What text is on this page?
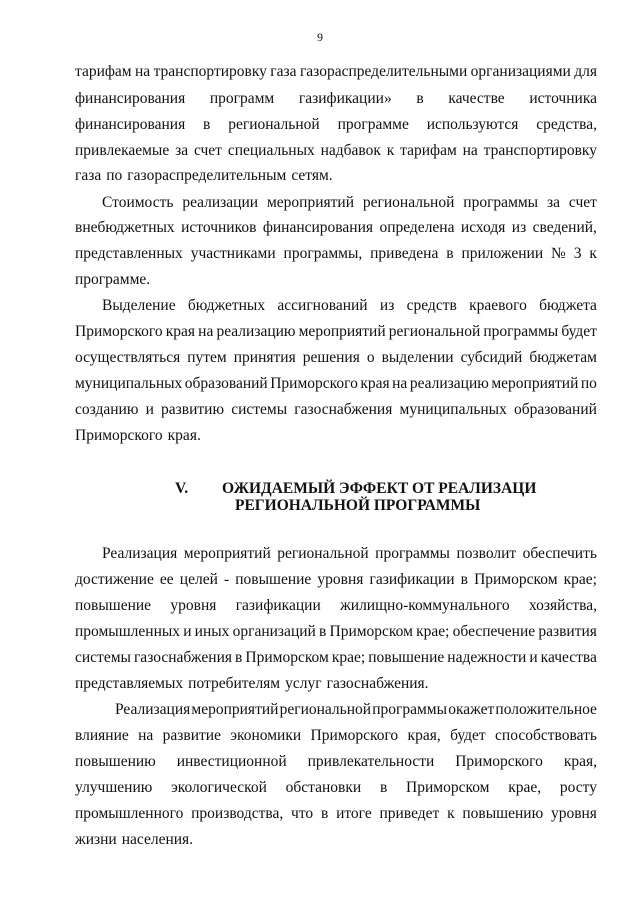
9
тарифам на транспортировку газа газораспределительными организациями для
финансирования программ газификации» в качестве источника
финансирования в региональной программе используются средства,
привлекаемые за счет специальных надбавок к тарифам на транспортировку
газа по газораспределительным сетям.
Стоимость реализации мероприятий региональной программы за счет
внебюджетных источников финансирования определена исходя из сведений,
представленных участниками программы, приведена в приложении № 3 к
программе.
Выделение бюджетных ассигнований из средств краевого бюджета
Приморского края на реализацию мероприятий региональной программы будет
осуществляться путем принятия решения о выделении субсидий бюджетам
муниципальных образований Приморского края на реализацию мероприятий по
созданию и развитию системы газоснабжения муниципальных образований
Приморского края.
V. ОЖИДАЕМЫЙ ЭФФЕКТ ОТ РЕАЛИЗАЦИ
РЕГИОНАЛЬНОЙ ПРОГРАММЫ
Реализация мероприятий региональной программы позволит обеспечить
достижение ее целей - повышение уровня газификации в Приморском крае;
повышение уровня газификации жилищно-коммунального хозяйства,
промышленных и иных организаций в Приморском крае; обеспечение развития
системы газоснабжения в Приморском крае; повышение надежности и качества
представляемых потребителям услуг газоснабжения.
Реализация мероприятий региональной программы окажет положительное
влияние на развитие экономики Приморского края, будет способствовать
повышению инвестиционной привлекательности Приморского края,
улучшению экологической обстановки в Приморском крае, росту
промышленного производства, что в итоге приведет к повышению уровня
жизни населения.
